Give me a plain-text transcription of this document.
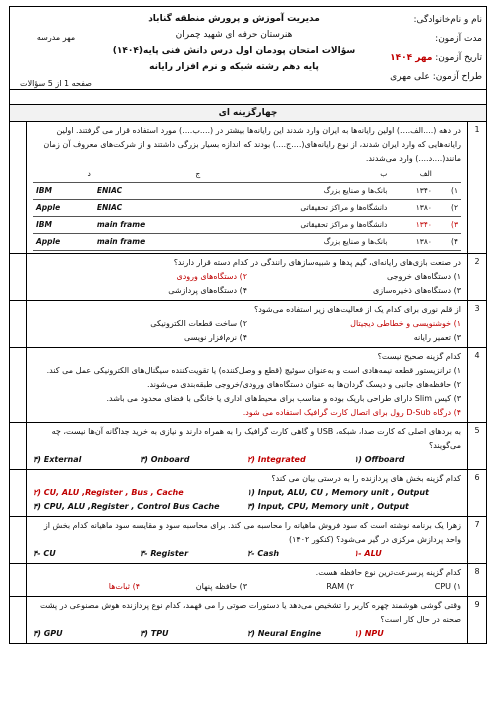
نام و نام‌خانوادگی:
مدت آزمون:
تاریخ آزمون: مهر ۱۴۰۴
طراح آزمون: علی مهری
مدیریت آموزش و پرورش منطقه گناباد
هنرستان حرفه ای شهید چمران
سؤالات امتحان پودمان اول درس دانش فنی پایه(۱۴۰۴)
پایه دهم رشته شبکه و نرم افزار رایانه
مهر مدرسه
صفحه 1 از 5 سؤالات
چهارگزینه ای
1
در دهه (....الف....) اولین رایانه‌ها به ایران وارد شدند این رایانه‌ها بیشتر در (....ب....) مورد استفاده قرار می گرفتند. اولین رایانه‌هایی که وارد ایران شدند، از نوع رایانه‌های(....ج....) بودند که اندازه بسیار بزرگی داشتند و از شرکت‌های معروف آن زمان مانند(....د....) وارد می‌شدند.
	الف	ب	ج	د
۱)	۱۳۴۰	بانک‌ها و صنایع بزرگ	ENIAC	IBM
۲)	۱۳۸۰	دانشگاه‌ها و مراکز تحقیقاتی	ENIAC	Apple
۳)	۱۳۴۰	دانشگاه‌ها و مراکز تحقیقاتی	main frame	IBM
۴)	۱۳۸۰	بانک‌ها و صنایع بزرگ	main frame	Apple
2
در صنعت بازی‌های رایانه‌ای، گیم پدها و شبیه‌سازهای رانندگی در کدام دسته قرار دارند؟
۱) دستگاه‌های خروجی
۲) دستگاه‌های ورودی
۳) دستگاه‌های ذخیره‌سازی
۴) دستگاه‌های پردازشی
3
از قلم نوری برای کدام یک از فعالیت‌های زیر استفاده می‌شود؟
۱) خوشنویسی و خطاطی دیجیتال
۲) ساخت قطعات الکترونیکی
۳) تعمیر رایانه
۴) نرم‌افزار نویسی
4
کدام گزینه صحیح نیست؟
۱) ترانزیستور قطعه نیمه‌هادی است و به‌عنوان سوئیچ (قطع و وصل‌کننده) یا تقویت‌کننده سیگنال‌های الکترونیکی عمل می کند.
۲) حافظه‌های جانبی و دیسک گردان‌ها به عنوان دستگاه‌های ورودی/خروجی طبقه‌بندی می‌شوند.
۳) کیس Slim دارای طراحی باریک بوده و مناسب برای محیط‌های اداری یا خانگی با فضای محدود می باشد.
۴) درگاه D-Sub رول برای اتصال کارت گرافیک استفاده می شود.
5
به بردهای اصلی که کارت صدا، شبکه، USB و گاهی کارت گرافیک را به همراه دارند و نیازی به خرید جداگانه آن‌ها نیست، چه می‌گویند؟
۱) Offboard
۲) Integrated
۳) Onboard
۴) External
6
کدام گزینه بخش های پردازنده را به درستی بیان می کند؟
۱) Input, ALU, CU , Memory unit , Output
۲) CU, ALU ,Register , Bus , Cache
۳) Input, CPU, Memory unit , Output
۴) CPU, ALU ,Register , Control Bus Cache
7
زهرا یک برنامه نوشته است که سود فروش ماهیانه را محاسبه می کند. برای محاسبه سود و مقایسه سود ماهیانه کدام بخش از واحد پردازش مرکزی در گیر می‌شود؟ (کنکور ۱۴۰۲)
۱- ALU
۲- Cash
۳- Register
۴- CU
8
کدام گزینه پرسرعت‌ترین نوع حافظه هست.
۱) CPU
۲) RAM
۳) حافظه پنهان
۴) ثبات‌ها
9
وقتی گوشی هوشمند چهره کاربر را تشخیص می‌دهد یا دستورات صوتی را می فهمد، کدام نوع پردازنده هوش مصنوعی در پشت صحنه در حال کار است؟
۱) NPU
۲) Neural Engine
۳) TPU
۴) GPU
